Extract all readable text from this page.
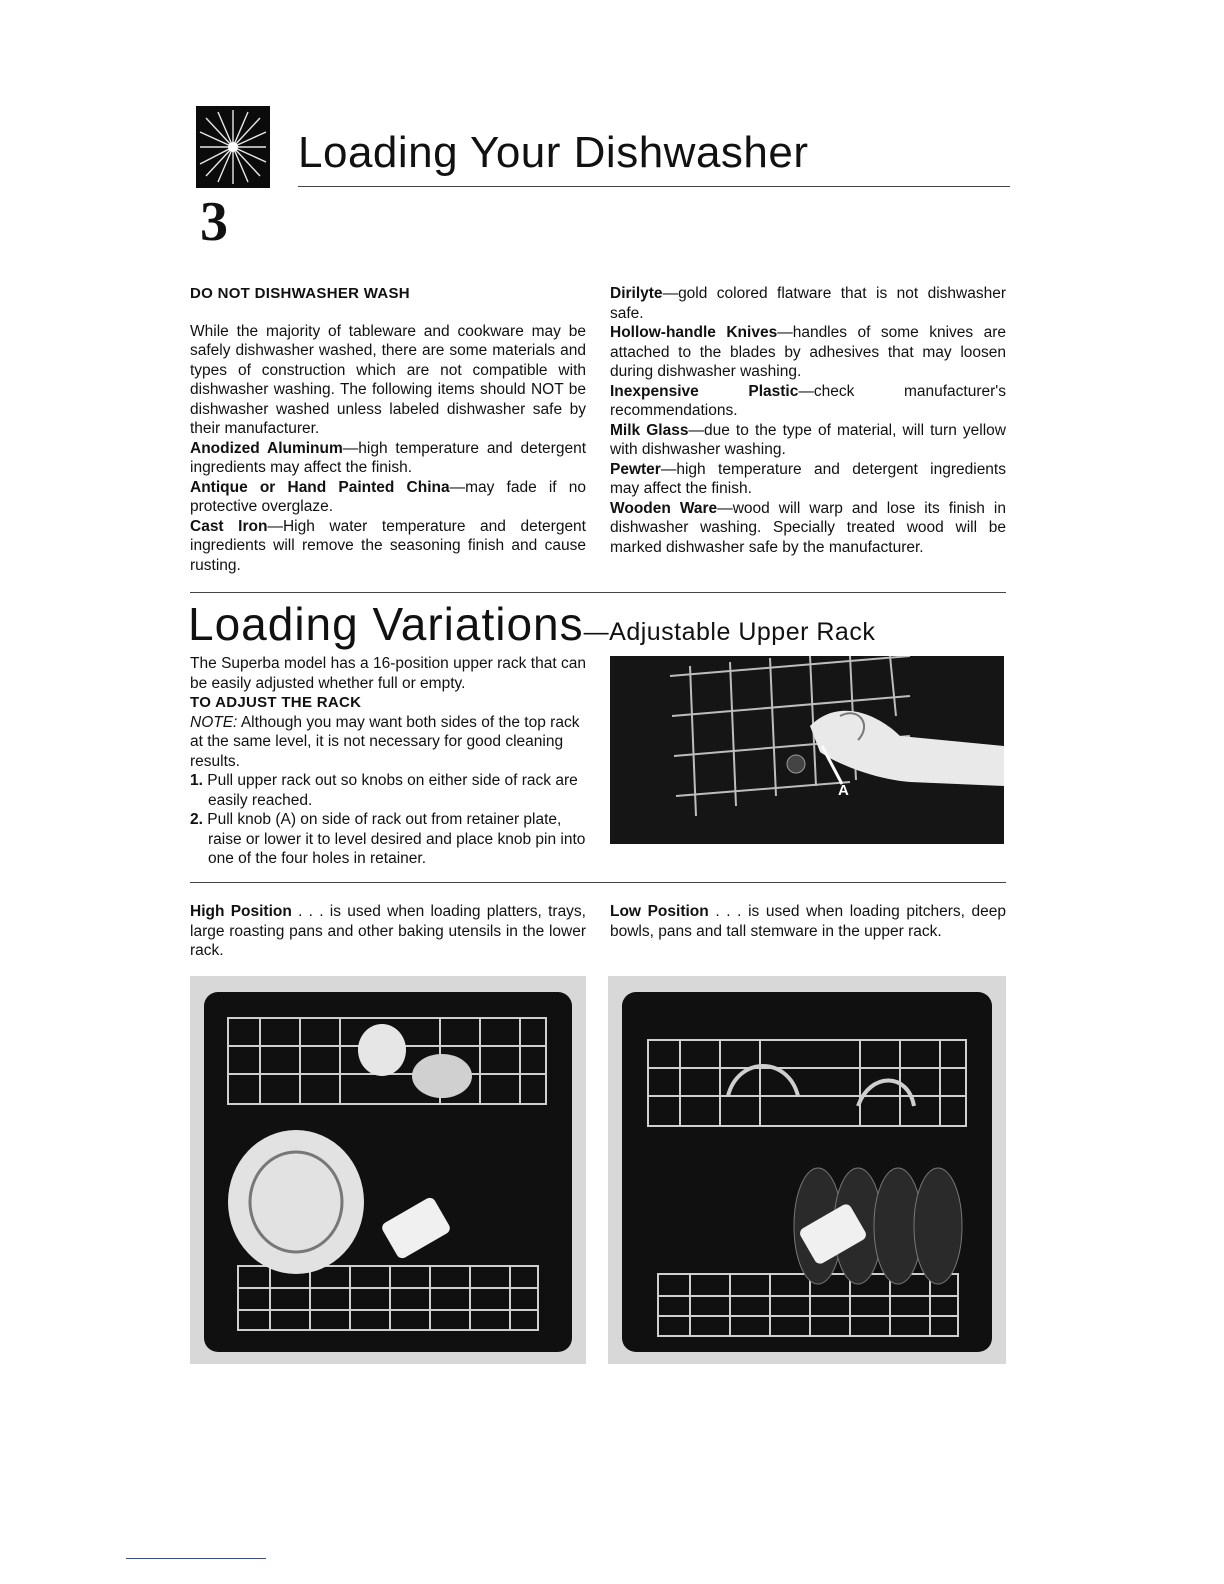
3
Loading Your Dishwasher

DO NOT DISHWASHER WASH

While the majority of tableware and cookware may be safely dishwasher washed, there are some materials and types of construction which are not compatible with dishwasher washing. The following items should NOT be dishwasher washed unless labeled dishwasher safe by their manufacturer.

Anodized Aluminum—high temperature and detergent ingredients may affect the finish.

Antique or Hand Painted China—may fade if no protective overglaze.

Cast Iron—High water temperature and detergent ingredients will remove the seasoning finish and cause rusting.

Dirilyte—gold colored flatware that is not dishwasher safe.

Hollow-handle Knives—handles of some knives are attached to the blades by adhesives that may loosen during dishwasher washing.

Inexpensive Plastic—check manufacturer's recommendations.

Milk Glass—due to the type of material, will turn yellow with dishwasher washing.

Pewter—high temperature and detergent ingredients may affect the finish.

Wooden Ware—wood will warp and lose its finish in dishwasher washing. Specially treated wood will be marked dishwasher safe by the manufacturer.

Loading Variations—Adjustable Upper Rack

The Superba model has a 16-position upper rack that can be easily adjusted whether full or empty.

TO ADJUST THE RACK

NOTE: Although you may want both sides of the top rack at the same level, it is not necessary for good cleaning results.

1. Pull upper rack out so knobs on either side of rack are easily reached.

2. Pull knob (A) on side of rack out from retainer plate, raise or lower it to level desired and place knob pin into one of the four holes in retainer.

A

High Position . . . is used when loading platters, trays, large roasting pans and other baking utensils in the lower rack.

Low Position . . . is used when loading pitchers, deep bowls, pans and tall stemware in the upper rack.
